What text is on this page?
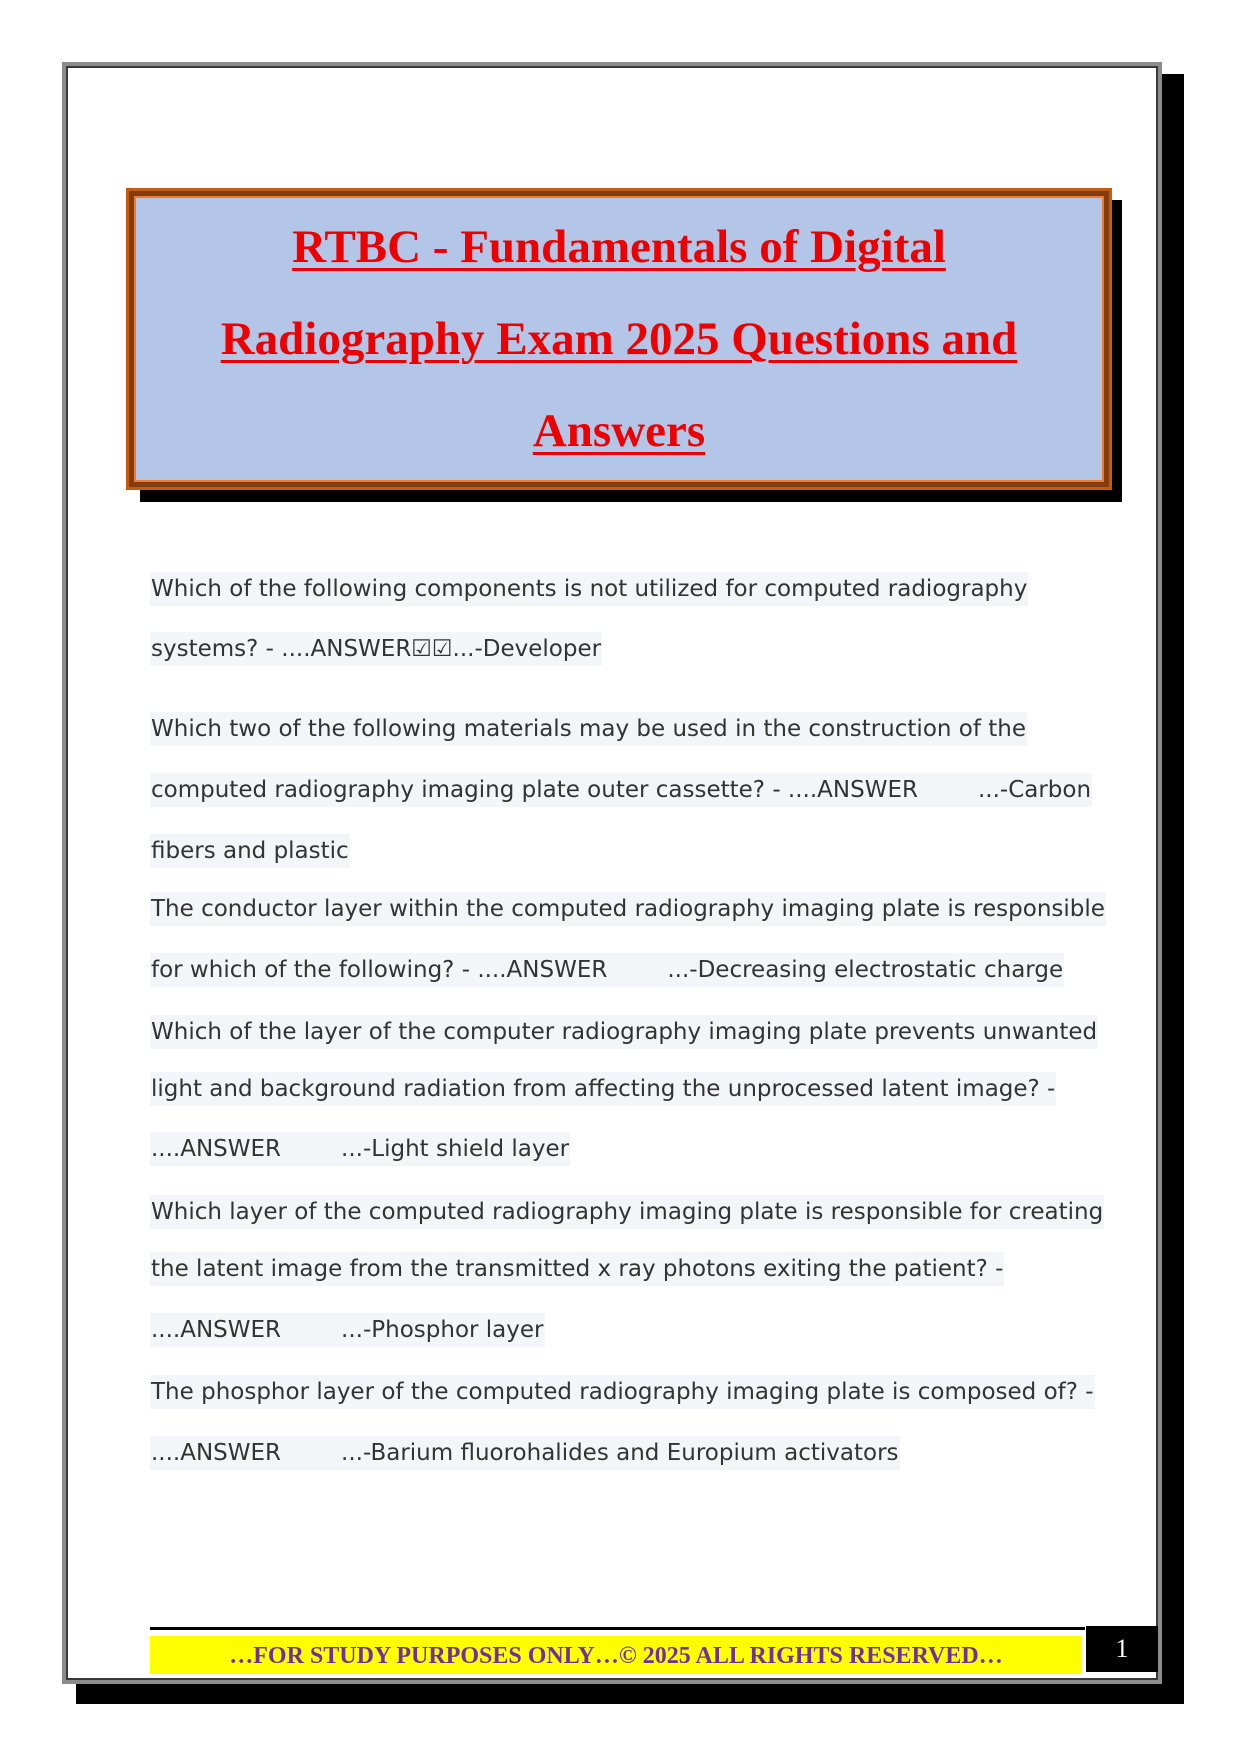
RTBC - Fundamentals of Digital
Radiography Exam 2025 Questions and
Answers
Which of the following components is not utilized for computed radiography
systems? - ....ANSWER☑☑...-Developer
Which two of the following materials may be used in the construction of the
computed radiography imaging plate outer cassette? - ....ANSWER	...-Carbon
fibers and plastic
The conductor layer within the computed radiography imaging plate is responsible
for which of the following? - ....ANSWER	...-Decreasing electrostatic charge
Which of the layer of the computer radiography imaging plate prevents unwanted
light and background radiation from affecting the unprocessed latent image? -
....ANSWER	...-Light shield layer
Which layer of the computed radiography imaging plate is responsible for creating
the latent image from the transmitted x ray photons exiting the patient? -
....ANSWER	...-Phosphor layer
The phosphor layer of the computed radiography imaging plate is composed of? -
....ANSWER	...-Barium fluorohalides and Europium activators
…FOR STUDY PURPOSES ONLY…© 2025 ALL RIGHTS RESERVED…	1
